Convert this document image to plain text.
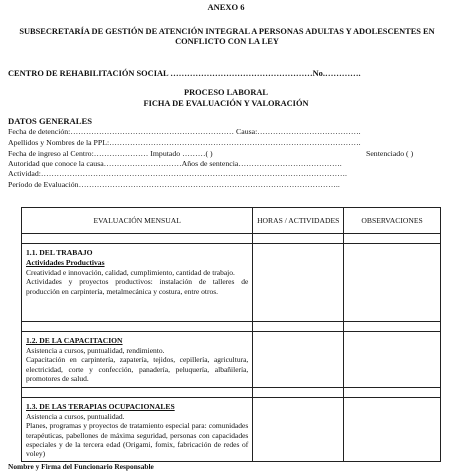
ANEXO 6
SUBSECRETARÍA DE GESTIÓN DE ATENCIÓN INTEGRAL A PERSONAS ADULTAS Y ADOLESCENTES EN CONFLICTO CON LA LEY
CENTRO DE REHABILITACIÓN SOCIAL ……………………………………………No.………….
PROCESO LABORAL
FICHA DE EVALUACIÓN Y VALORACIÓN
DATOS GENERALES
Fecha de detención:……………………………………………………… Causa:………………………………….
Apellidos y Nombres de la PPL:…………………………………………………………………………………….
Fecha de ingreso al Centro:………………… Imputado ………( )	Sentenciado ( )
Autoridad que conoce la causa…………………………Años de sentencia………………………………….
Actividad:……………………………………………………………………………………………………….
Período de Evaluación………………………………………………………………………………………..
EVALUACIÓN MENSUAL	HORAS / ACTIVIDADES	OBSERVACIONES

1.1. DEL TRABAJO
Actividades Productivas

Creatividad e innovación, calidad, cumplimiento, cantidad de trabajo.

Actividades y proyectos productivos: instalación de talleres de producción en carpintería, metalmecánica y costura, entre otros.		

1.2. DE LA CAPACITACION

Asistencia a cursos, puntualidad, rendimiento.

Capacitación en carpintería, zapatería, tejidos, cepillería, agricultura, electricidad, corte y confección, panadería, peluquería, albañilería, promotores de salud.		

1.3. DE LAS TERAPIAS OCUPACIONALES

Asistencia a cursos, puntualidad.

Planes, programas y proyectos de tratamiento especial para: comunidades terapéuticas, pabellones de máxima seguridad, personas con capacidades especiales y de la tercera edad (Origami, fomix, fabricación de redes of voley)		

Nombre y Firma del Funcionario Responsable
